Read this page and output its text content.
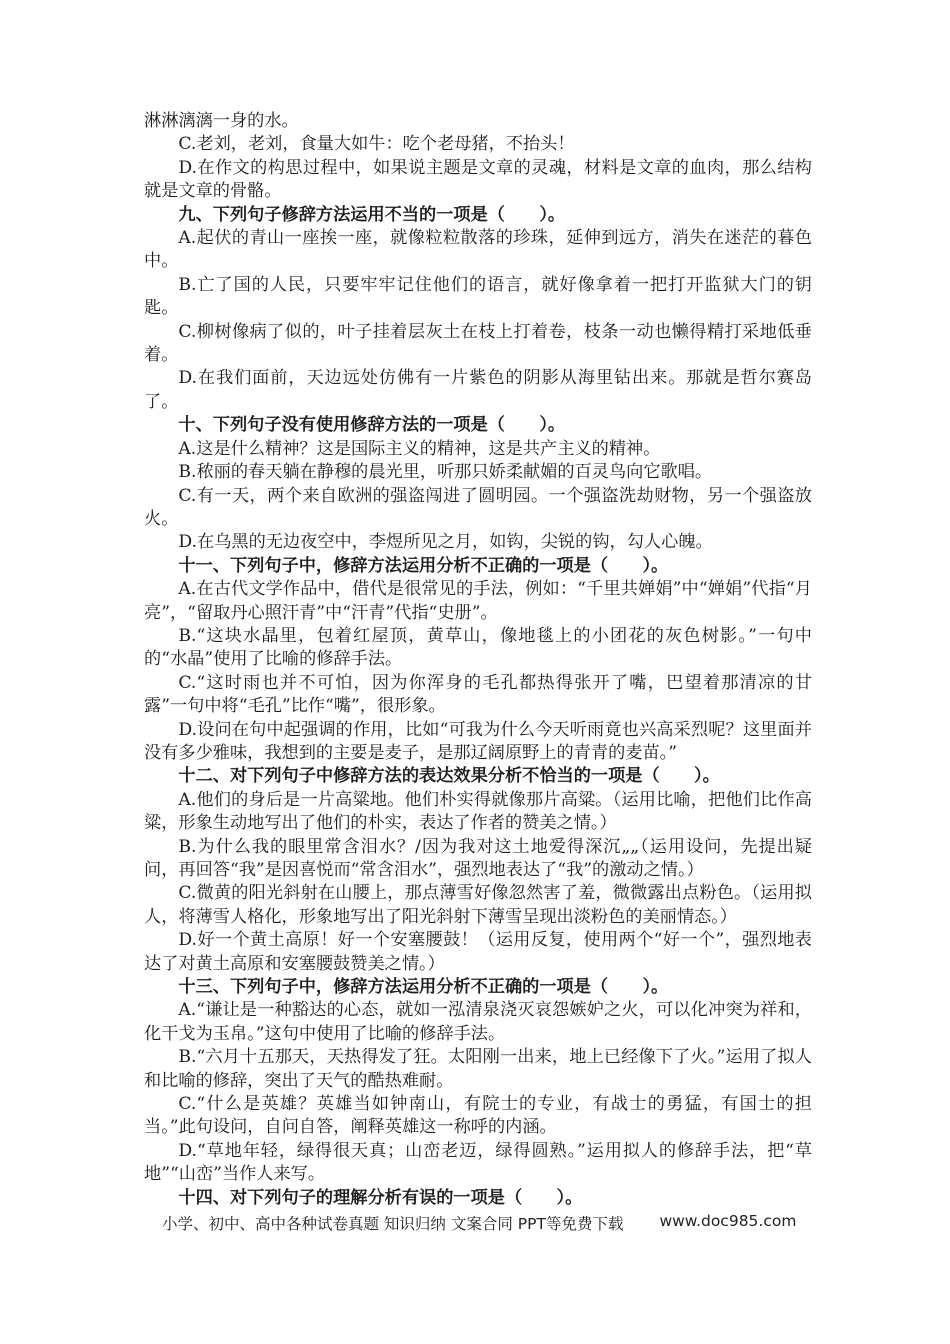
淋淋漓漓一身的水。

C.老刘，老刘，食量大如牛：吃个老母猪，不抬头！

D.在作文的构思过程中，如果说主题是文章的灵魂，材料是文章的血肉，那么结构就是文章的骨骼。

九、下列句子修辞方法运用不当的一项是（　　）。

A.起伏的青山一座挨一座，就像粒粒散落的珍珠，延伸到远方，消失在迷茫的暮色中。

B.亡了国的人民，只要牢牢记住他们的语言，就好像拿着一把打开监狱大门的钥匙。

C.柳树像病了似的，叶子挂着层灰土在枝上打着卷，枝条一动也懒得精打采地低垂着。

D.在我们面前，天边远处仿佛有一片紫色的阴影从海里钻出来。那就是哲尔赛岛了。

十、下列句子没有使用修辞方法的一项是（　　）。

A.这是什么精神？这是国际主义的精神，这是共产主义的精神。

B.秾丽的春天躺在静穆的晨光里，听那只娇柔献媚的百灵鸟向它歌唱。

C.有一天，两个来自欧洲的强盗闯进了圆明园。一个强盗洗劫财物，另一个强盗放火。

D.在乌黑的无边夜空中，李煜所见之月，如钩，尖锐的钩，勾人心魄。

十一、下列句子中，修辞方法运用分析不正确的一项是（　　）。

A.在古代文学作品中，借代是很常见的手法，例如：“千里共婵娟”中“婵娟”代指“月亮”，“留取丹心照汗青”中“汗青”代指“史册”。

B.“这块水晶里，包着红屋顶，黄草山，像地毯上的小团花的灰色树影。”一句中的“水晶”使用了比喻的修辞手法。

C.“这时雨也并不可怕，因为你浑身的毛孔都热得张开了嘴，巴望着那清凉的甘露”一句中将“毛孔”比作“嘴”，很形象。

D.设问在句中起强调的作用，比如“可我为什么今天听雨竟也兴高采烈呢？这里面并没有多少雅味，我想到的主要是麦子，是那辽阔原野上的青青的麦苗。”

十二、对下列句子中修辞方法的表达效果分析不恰当的一项是（　　）。

A.他们的身后是一片高粱地。他们朴实得就像那片高粱。（运用比喻，把他们比作高粱，形象生动地写出了他们的朴实，表达了作者的赞美之情。）

B.为什么我的眼里常含泪水？/因为我对这土地爱得深沉„„（运用设问，先提出疑问，再回答“我”是因喜悦而“常含泪水”，强烈地表达了“我”的激动之情。）

C.微黄的阳光斜射在山腰上，那点薄雪好像忽然害了羞，微微露出点粉色。（运用拟人，将薄雪人格化，形象地写出了阳光斜射下薄雪呈现出淡粉色的美丽情态。）

D.好一个黄土高原！好一个安塞腰鼓！（运用反复，使用两个“好一个”，强烈地表达了对黄土高原和安塞腰鼓赞美之情。）

十三、下列句子中，修辞方法运用分析不正确的一项是（　　）。

A.“谦让是一种豁达的心态，就如一泓清泉浇灭哀怨嫉妒之火，可以化冲突为祥和，化干戈为玉帛。”这句中使用了比喻的修辞手法。

B.“六月十五那天，天热得发了狂。太阳刚一出来，地上已经像下了火。”运用了拟人和比喻的修辞，突出了天气的酷热难耐。

C.“什么是英雄？英雄当如钟南山，有院士的专业，有战士的勇猛，有国士的担当。”此句设问，自问自答，阐释英雄这一称呼的内涵。

D.“草地年轻，绿得很天真；山峦老迈，绿得圆熟。”运用拟人的修辞手法，把“草地”“山峦”当作人来写。

十四、对下列句子的理解分析有误的一项是（　　）。

小学、初中、高中各种试卷真题 知识归纳 文案合同 PPT等免费下载 www.doc985.com
